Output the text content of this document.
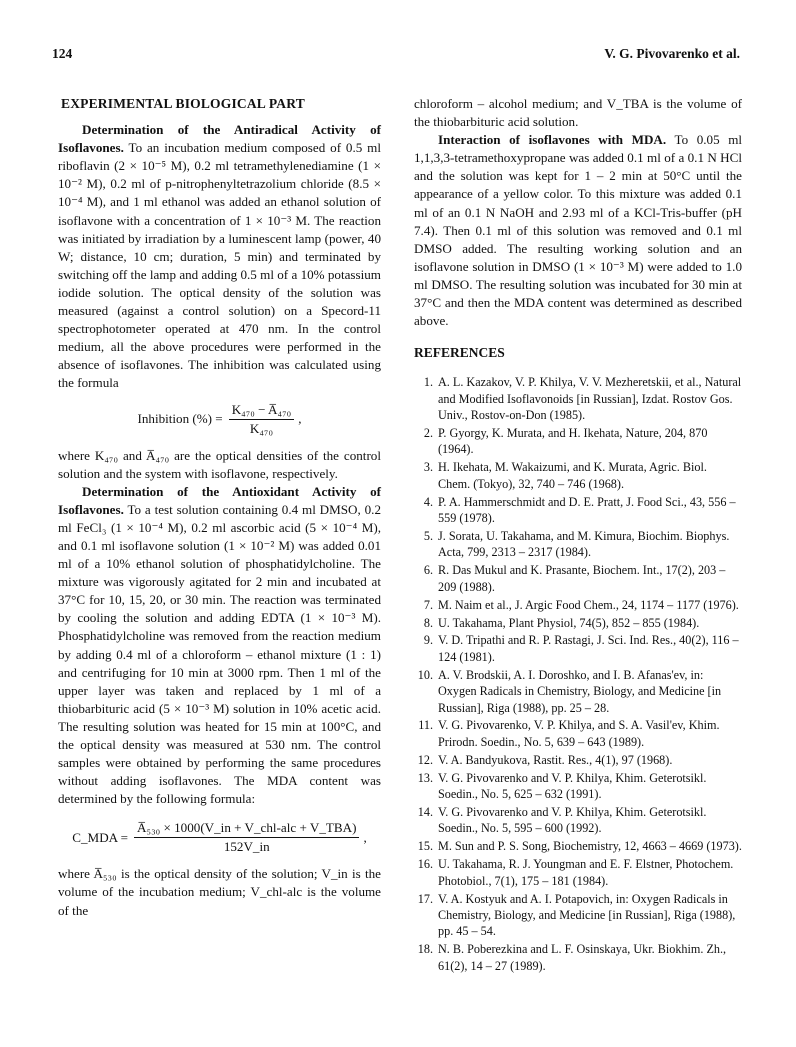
124	V. G. Pivovarenko et al.
EXPERIMENTAL BIOLOGICAL PART

Determination of the Antiradical Activity of Isoflavones. To an incubation medium composed of 0.5 ml riboflavin (2 × 10⁻⁵ M), 0.2 ml tetramethylenediamine (1 × 10⁻² M), 0.2 ml of p-nitrophenyltetrazolium chloride (8.5 × 10⁻⁴ M), and 1 ml ethanol was added an ethanol solution of isoflavone with a concentration of 1 × 10⁻³ M. The reaction was initiated by irradiation by a luminescent lamp (power, 40 W; distance, 10 cm; duration, 5 min) and terminated by switching off the lamp and adding 0.5 ml of a 10% potassium iodide solution. The optical density of the solution was measured (against a control solution) on a Specord-11 spectrophotometer operated at 470 nm. In the control medium, all the above procedures were performed in the absence of isoflavones. The inhibition was calculated using the formula

Inhibition (%) = $\frac{\text{K₄₇₀ − A̅₄₇₀}}{\text{K₄₇₀}}$ ,

where K₄₇₀ and A̅₄₇₀ are the optical densities of the control solution and the system with isoflavone, respectively.

Determination of the Antioxidant Activity of Isoflavones. To a test solution containing 0.4 ml DMSO, 0.2 ml FeCl₃ (1 × 10⁻⁴ M), 0.2 ml ascorbic acid (5 × 10⁻⁴ M), and 0.1 ml isoflavone solution (1 × 10⁻² M) was added 0.01 ml of a 10% ethanol solution of phosphatidylcholine. The mixture was vigorously agitated for 2 min and incubated at 37°C for 10, 15, 20, or 30 min. The reaction was terminated by cooling the solution and adding EDTA (1 × 10⁻³ M). Phosphatidylcholine was removed from the reaction medium by adding 0.4 ml of a chloroform – ethanol mixture (1 : 1) and centrifuging for 10 min at 3000 rpm. Then 1 ml of the upper layer was taken and replaced by 1 ml of a thiobarbituric acid (5 × 10⁻³ M) solution in 10% acetic acid. The resulting solution was heated for 15 min at 100°C, and the optical density was measured at 530 nm. The control samples were obtained by performing the same procedures without adding isoflavones. The MDA content was determined by the following formula:

C_MDA = $\frac{\text{A̅₅₃₀ × 1000(V\_in + V\_chl-alc + V\_TBA)}}{152V\_in}$ ,

where A̅₅₃₀ is the optical density of the solution; V_in is the volume of the incubation medium; V_chl-alc is the volume of the

chloroform – alcohol medium; and V_TBA is the volume of the thiobarbituric acid solution.

Interaction of isoflavones with MDA. To 0.05 ml 1,1,3,3-tetramethoxypropane was added 0.1 ml of a 0.1 N HCl and the solution was kept for 1 – 2 min at 50°C until the appearance of a yellow color. To this mixture was added 0.1 ml of an 0.1 N NaOH and 2.93 ml of a KCl-Tris-buffer (pH 7.4). Then 0.1 ml of this solution was removed and 0.1 ml DMSO added. The resulting working solution and an isoflavone solution in DMSO (1 × 10⁻³ M) were added to 1.0 ml DMSO. The resulting solution was incubated for 30 min at 37°C and then the MDA content was determined as described above.

REFERENCES
1. A. L. Kazakov, V. P. Khilya, V. V. Mezheretskii, et al., Natural and Modified Isoflavonoids [in Russian], Izdat. Rostov Gos. Univ., Rostov-on-Don (1985).
2. P. Gyorgy, K. Murata, and H. Ikehata, Nature, 204, 870 (1964).
3. H. Ikehata, M. Wakaizumi, and K. Murata, Agric. Biol. Chem. (Tokyo), 32, 740 – 746 (1968).
4. P. A. Hammerschmidt and D. E. Pratt, J. Food Sci., 43, 556 – 559 (1978).
5. J. Sorata, U. Takahama, and M. Kimura, Biochim. Biophys. Acta, 799, 2313 – 2317 (1984).
6. R. Das Mukul and K. Prasante, Biochem. Int., 17(2), 203 – 209 (1988).
7. M. Naim et al., J. Argic Food Chem., 24, 1174 – 1177 (1976).
8. U. Takahama, Plant Physiol, 74(5), 852 – 855 (1984).
9. V. D. Tripathi and R. P. Rastagi, J. Sci. Ind. Res., 40(2), 116 – 124 (1981).
10. A. V. Brodskii, A. I. Doroshko, and I. B. Afanas'ev, in: Oxygen Radicals in Chemistry, Biology, and Medicine [in Russian], Riga (1988), pp. 25 – 28.
11. V. G. Pivovarenko, V. P. Khilya, and S. A. Vasil'ev, Khim. Prirodn. Soedin., No. 5, 639 – 643 (1989).
12. V. A. Bandyukova, Rastit. Res., 4(1), 97 (1968).
13. V. G. Pivovarenko and V. P. Khilya, Khim. Geterotsikl. Soedin., No. 5, 625 – 632 (1991).
14. V. G. Pivovarenko and V. P. Khilya, Khim. Geterotsikl. Soedin., No. 5, 595 – 600 (1992).
15. M. Sun and P. S. Song, Biochemistry, 12, 4663 – 4669 (1973).
16. U. Takahama, R. J. Youngman and E. F. Elstner, Photochem. Photobiol., 7(1), 175 – 181 (1984).
17. V. A. Kostyuk and A. I. Potapovich, in: Oxygen Radicals in Chemistry, Biology, and Medicine [in Russian], Riga (1988), pp. 45 – 54.
18. N. B. Poberezkina and L. F. Osinskaya, Ukr. Biokhim. Zh., 61(2), 14 – 27 (1989).
